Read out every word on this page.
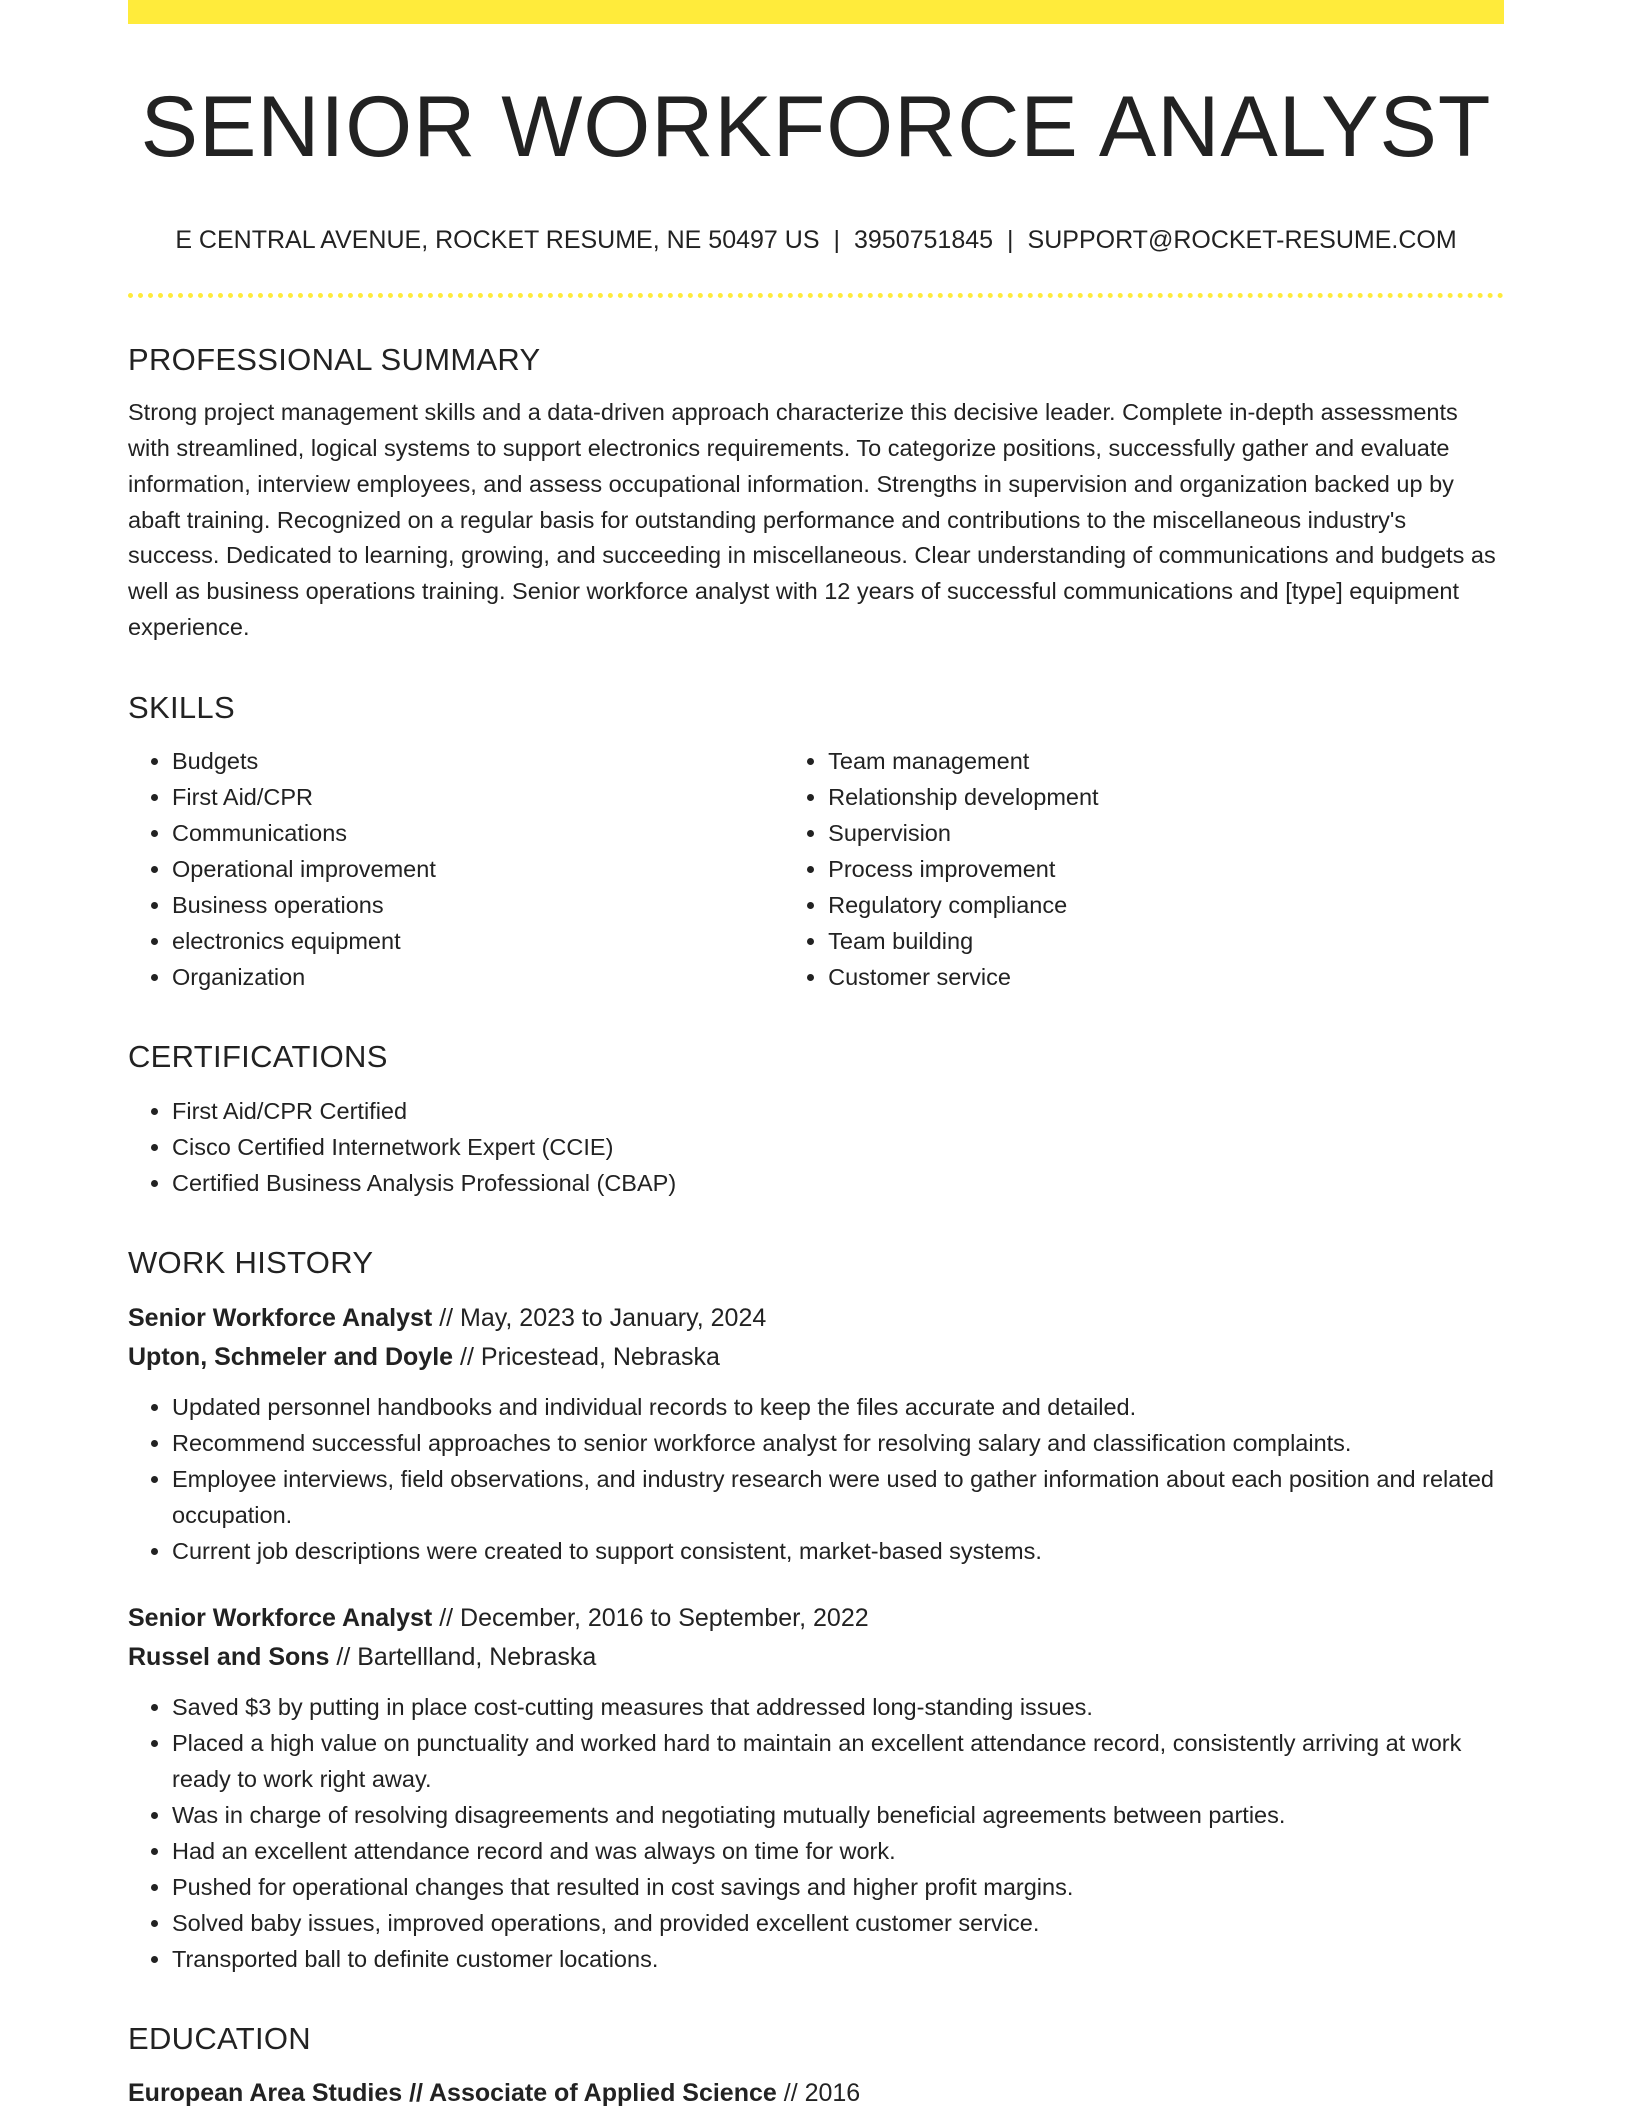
SENIOR WORKFORCE ANALYST
E CENTRAL AVENUE, ROCKET RESUME, NE 50497 US | 3950751845 | SUPPORT@ROCKET-RESUME.COM
PROFESSIONAL SUMMARY

Strong project management skills and a data-driven approach characterize this decisive leader. Complete in-depth assessments with streamlined, logical systems to support electronics requirements. To categorize positions, successfully gather and evaluate information, interview employees, and assess occupational information. Strengths in supervision and organization backed up by abaft training. Recognized on a regular basis for outstanding performance and contributions to the miscellaneous industry's success. Dedicated to learning, growing, and succeeding in miscellaneous. Clear understanding of communications and budgets as well as business operations training. Senior workforce analyst with 12 years of successful communications and [type] equipment experience.

SKILLS
• Budgets
• First Aid/CPR
• Communications
• Operational improvement
• Business operations
• electronics equipment
• Organization
• Team management
• Relationship development
• Supervision
• Process improvement
• Regulatory compliance
• Team building
• Customer service
CERTIFICATIONS
• First Aid/CPR Certified
• Cisco Certified Internetwork Expert (CCIE)
• Certified Business Analysis Professional (CBAP)
WORK HISTORY
Senior Workforce Analyst // May, 2023 to January, 2024
Upton, Schmeler and Doyle // Pricestead, Nebraska
• Updated personnel handbooks and individual records to keep the files accurate and detailed.
• Recommend successful approaches to senior workforce analyst for resolving salary and classification complaints.
• Employee interviews, field observations, and industry research were used to gather information about each position and related occupation.
• Current job descriptions were created to support consistent, market-based systems.
Senior Workforce Analyst // December, 2016 to September, 2022
Russel and Sons // Bartellland, Nebraska
• Saved $3 by putting in place cost-cutting measures that addressed long-standing issues.
• Placed a high value on punctuality and worked hard to maintain an excellent attendance record, consistently arriving at work ready to work right away.
• Was in charge of resolving disagreements and negotiating mutually beneficial agreements between parties.
• Had an excellent attendance record and was always on time for work.
• Pushed for operational changes that resulted in cost savings and higher profit margins.
• Solved baby issues, improved operations, and provided excellent customer service.
• Transported ball to definite customer locations.
EDUCATION
European Area Studies // Associate of Applied Science // 2016
